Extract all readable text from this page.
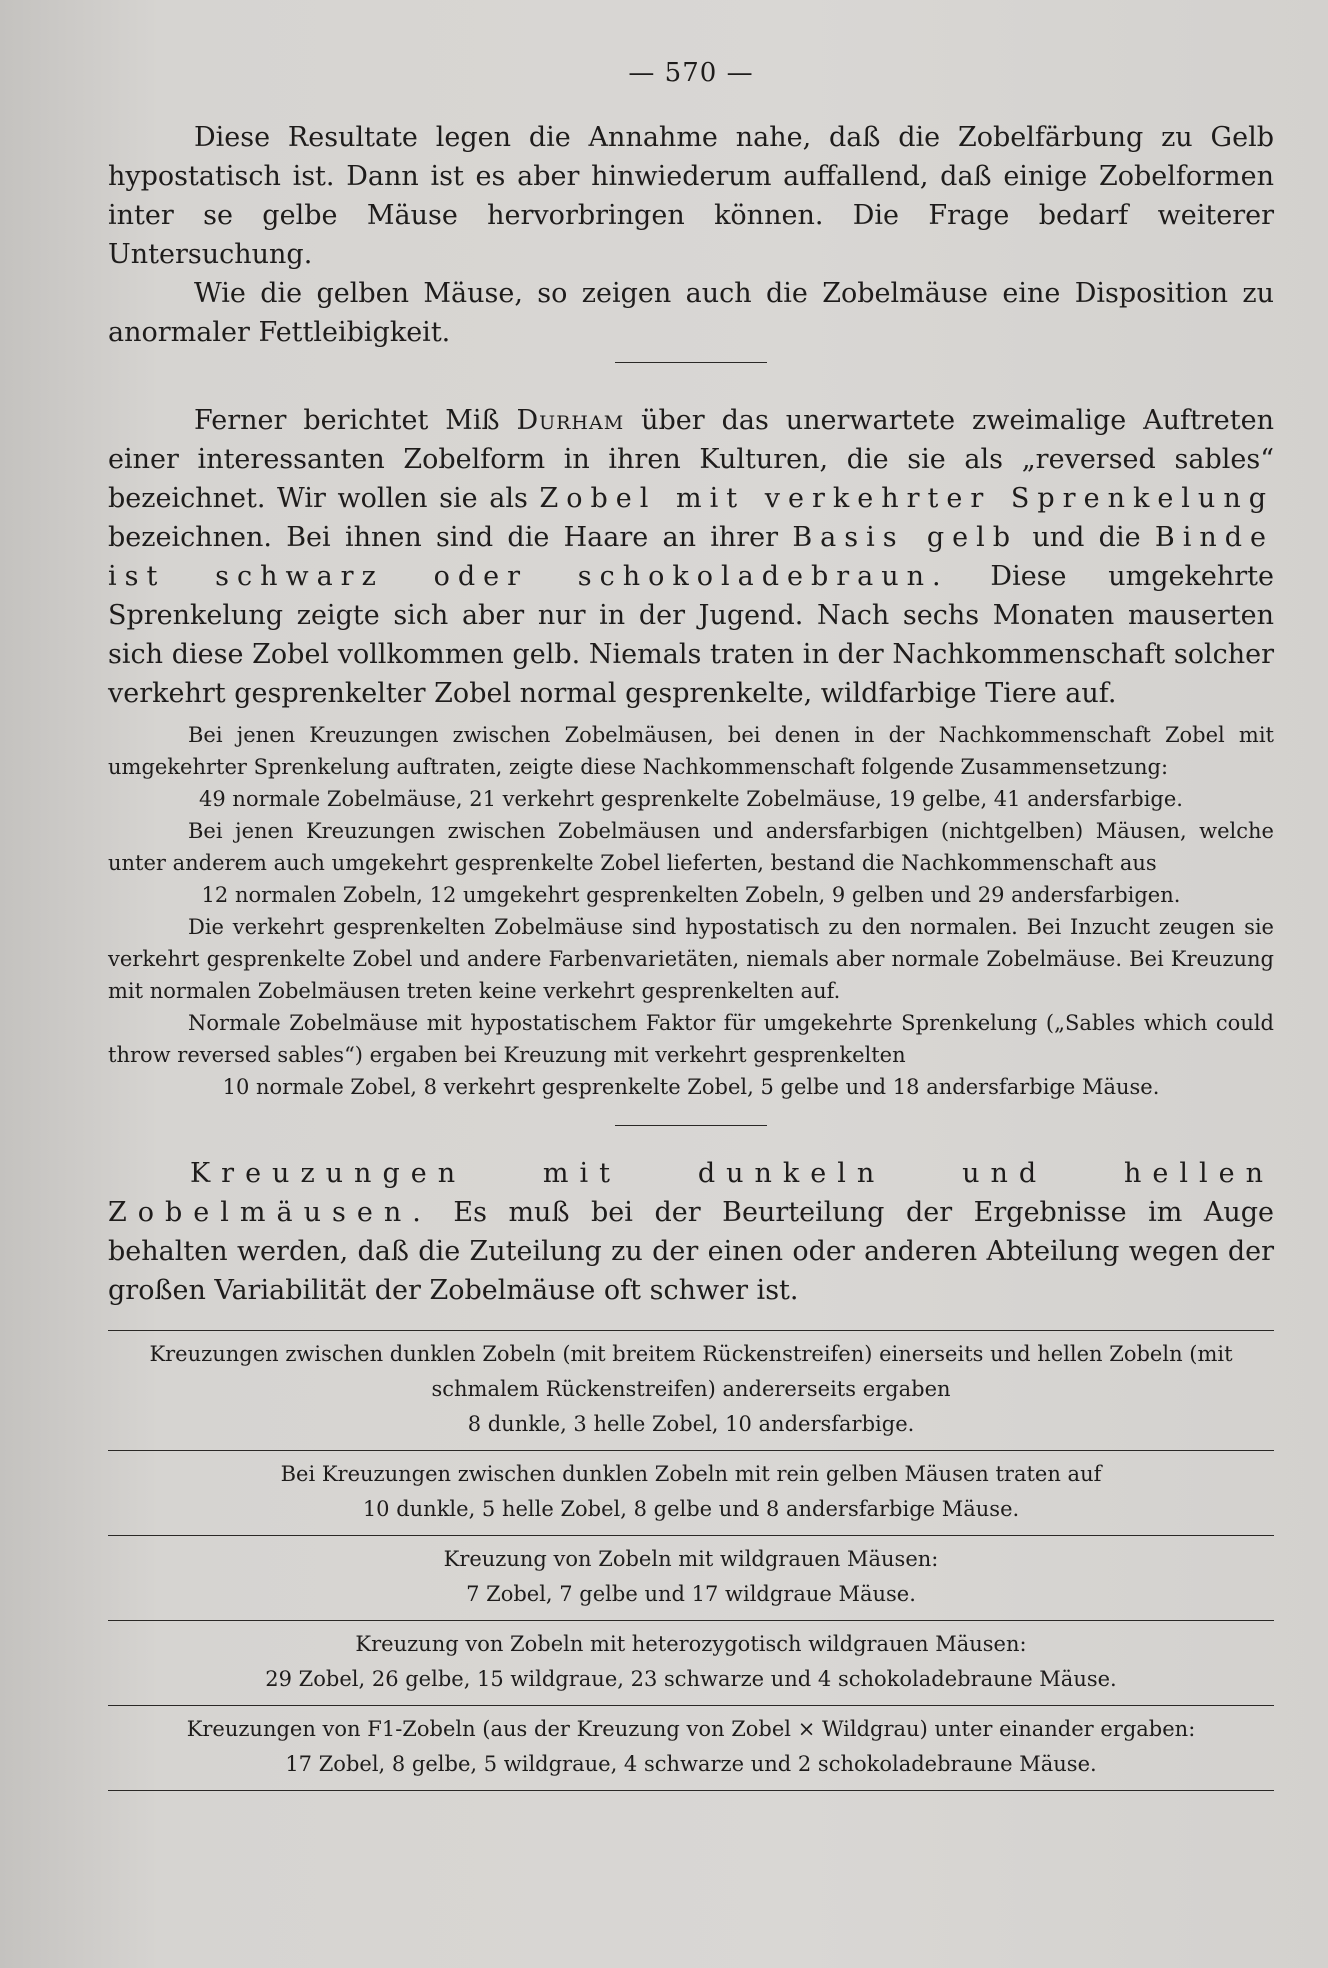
— 570 —

Diese Resultate legen die Annahme nahe, daß die Zobelfärbung zu Gelb hypostatisch ist. Dann ist es aber hinwiederum auffallend, daß einige Zobelformen inter se gelbe Mäuse hervorbringen können. Die Frage bedarf weiterer Untersuchung.

Wie die gelben Mäuse, so zeigen auch die Zobelmäuse eine Disposition zu anormaler Fettleibigkeit.

Ferner berichtet Miß Durham über das unerwartete zweimalige Auftreten einer interessanten Zobelform in ihren Kulturen, die sie als „reversed sables“ bezeichnet. Wir wollen sie als Zobel mit verkehrter Sprenkelung bezeichnen. Bei ihnen sind die Haare an ihrer Basis gelb und die Binde ist schwarz oder schokoladebraun. Diese umgekehrte Sprenkelung zeigte sich aber nur in der Jugend. Nach sechs Monaten mauserten sich diese Zobel vollkommen gelb. Niemals traten in der Nachkommenschaft solcher verkehrt gesprenkelter Zobel normal gesprenkelte, wildfarbige Tiere auf.

Bei jenen Kreuzungen zwischen Zobelmäusen, bei denen in der Nachkommenschaft Zobel mit umgekehrter Sprenkelung auftraten, zeigte diese Nachkommenschaft folgende Zusammensetzung:

49 normale Zobelmäuse, 21 verkehrt gesprenkelte Zobelmäuse, 19 gelbe, 41 andersfarbige.

Bei jenen Kreuzungen zwischen Zobelmäusen und andersfarbigen (nichtgelben) Mäusen, welche unter anderem auch umgekehrt gesprenkelte Zobel lieferten, bestand die Nachkommenschaft aus

12 normalen Zobeln, 12 umgekehrt gesprenkelten Zobeln, 9 gelben und 29 andersfarbigen.

Die verkehrt gesprenkelten Zobelmäuse sind hypostatisch zu den normalen. Bei Inzucht zeugen sie verkehrt gesprenkelte Zobel und andere Farbenvarietäten, niemals aber normale Zobelmäuse. Bei Kreuzung mit normalen Zobelmäusen treten keine verkehrt gesprenkelten auf.

Normale Zobelmäuse mit hypostatischem Faktor für umgekehrte Sprenkelung („Sables which could throw reversed sables“) ergaben bei Kreuzung mit verkehrt gesprenkelten

10 normale Zobel, 8 verkehrt gesprenkelte Zobel, 5 gelbe und 18 andersfarbige Mäuse.

Kreuzungen mit dunkeln und hellen Zobelmäusen. Es muß bei der Beurteilung der Ergebnisse im Auge behalten werden, daß die Zuteilung zu der einen oder anderen Abteilung wegen der großen Variabilität der Zobelmäuse oft schwer ist.

Kreuzungen zwischen dunklen Zobeln (mit breitem Rückenstreifen) einerseits und hellen Zobeln (mit schmalem Rückenstreifen) andererseits ergaben
8 dunkle, 3 helle Zobel, 10 andersfarbige.

Bei Kreuzungen zwischen dunklen Zobeln mit rein gelben Mäusen traten auf
10 dunkle, 5 helle Zobel, 8 gelbe und 8 andersfarbige Mäuse.

Kreuzung von Zobeln mit wildgrauen Mäusen:
7 Zobel, 7 gelbe und 17 wildgraue Mäuse.

Kreuzung von Zobeln mit heterozygotisch wildgrauen Mäusen:
29 Zobel, 26 gelbe, 15 wildgraue, 23 schwarze und 4 schokoladebraune Mäuse.

Kreuzungen von F1-Zobeln (aus der Kreuzung von Zobel × Wildgrau) unter einander ergaben:
17 Zobel, 8 gelbe, 5 wildgraue, 4 schwarze und 2 schokoladebraune Mäuse.
